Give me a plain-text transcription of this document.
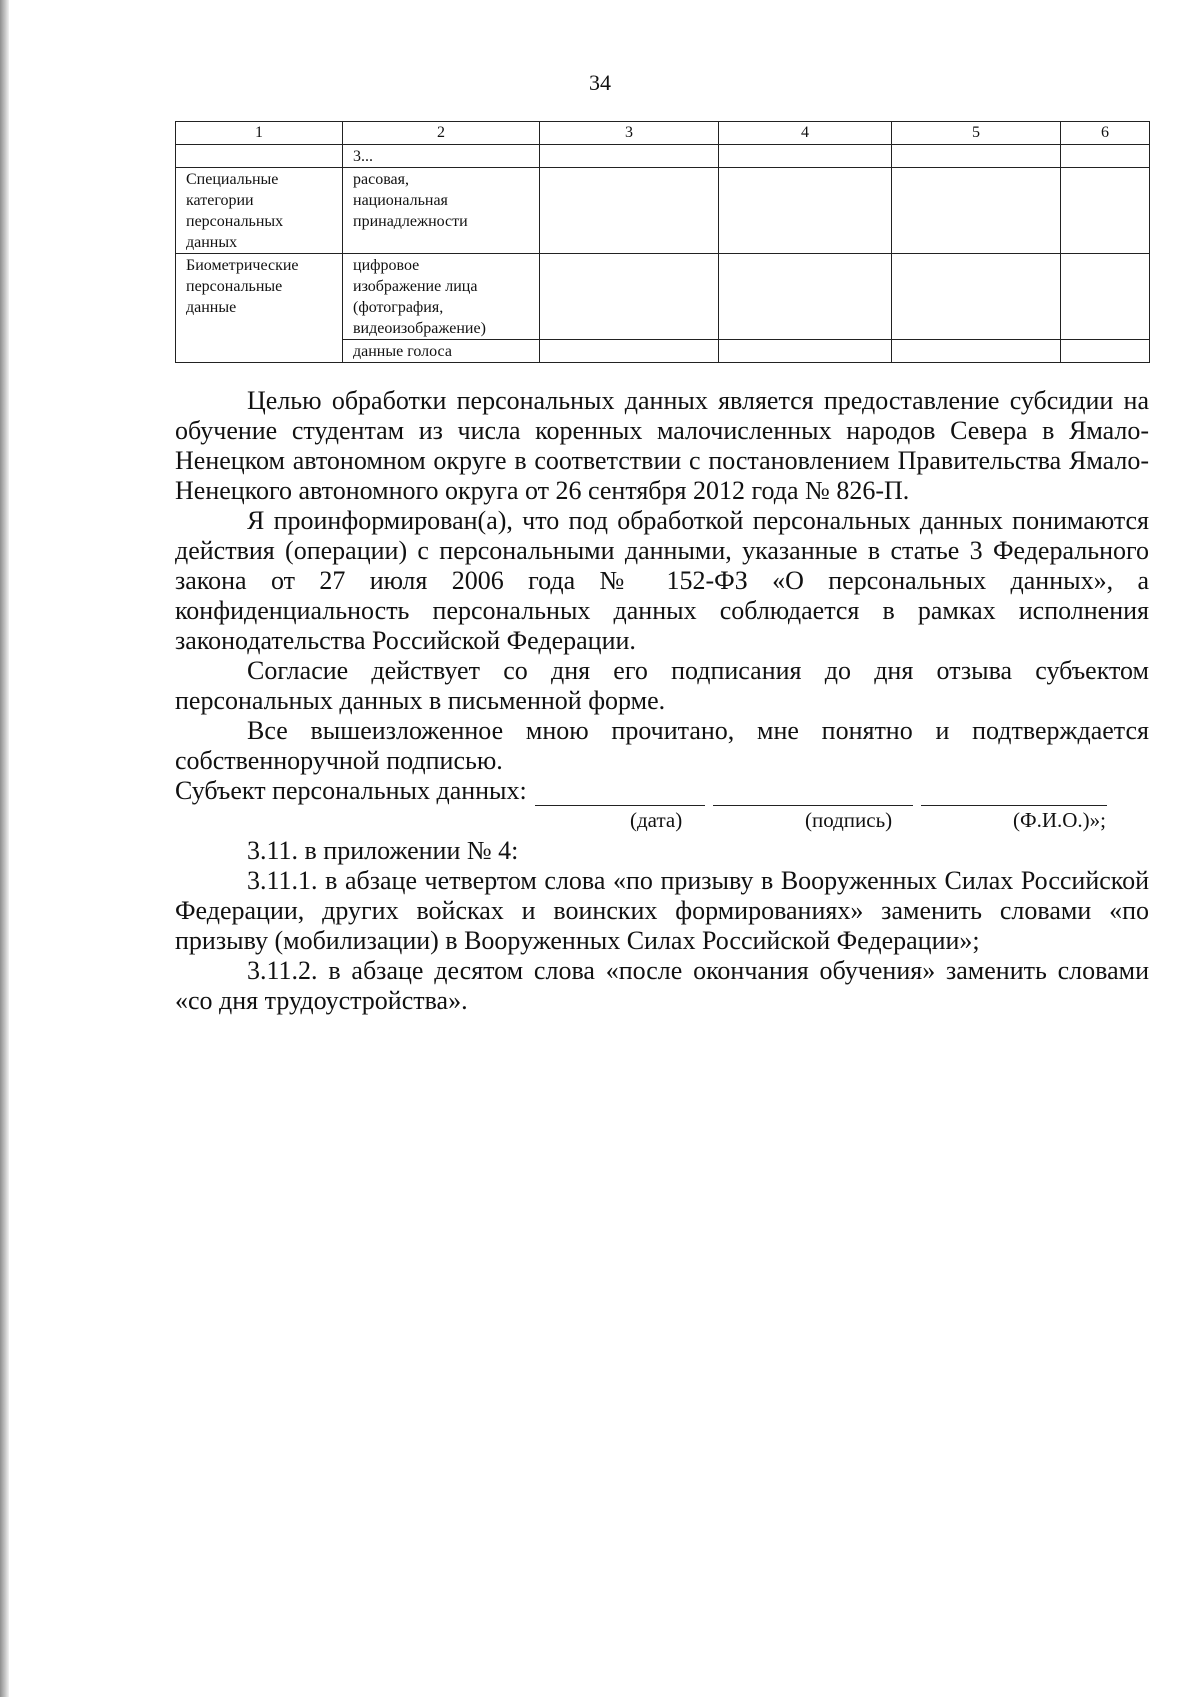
34
1	2	3	4	5	6
	3...				

Специальные
категории
персональных
данных	расовая,
национальная
принадлежности				

Биометрические
персональные
данные	цифровое
изображение лица
(фотография,
видеоизображение)				

	данные голоса				

Целью обработки персональных данных является предоставление субсидии на обучение студентам из числа коренных малочисленных народов Севера в Ямало-Ненецком автономном округе в соответствии с постановлением Правительства Ямало-Ненецкого автономного округа от 26 сентября 2012 года № 826-П.

Я проинформирован(а), что под обработкой персональных данных понимаются действия (операции) с персональными данными, указанные в статье 3 Федерального закона от 27 июля 2006 года № 152-ФЗ «О персональных данных», а конфиденциальность персональных данных соблюдается в рамках исполнения законодательства Российской Федерации.

Согласие действует со дня его подписания до дня отзыва субъектом персональных данных в письменной форме.

Все вышеизложенное мною прочитано, мне понятно и подтверждается собственноручной подписью.

Субъект персональных данных:
(дата)	(подпись)	(Ф.И.О.)»;

3.11. в приложении № 4:

3.11.1. в абзаце четвертом слова «по призыву в Вооруженных Силах Российской Федерации, других войсках и воинских формированиях» заменить словами «по призыву (мобилизации) в Вооруженных Силах Российской Федерации»;

3.11.2. в абзаце десятом слова «после окончания обучения» заменить словами «со дня трудоустройства».
